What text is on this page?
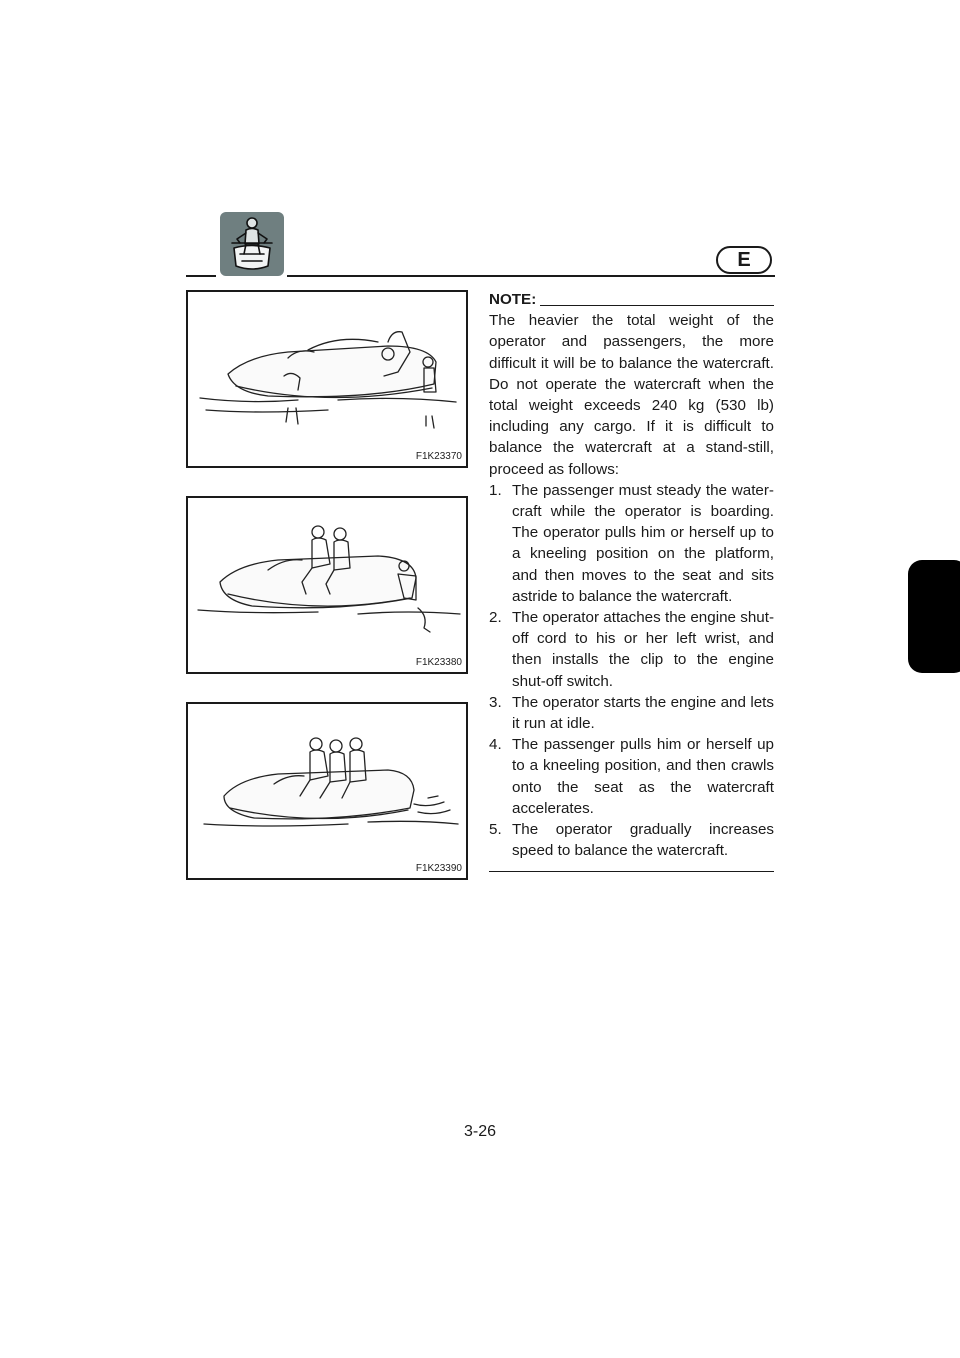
E
F1K23370
F1K23380
F1K23390
NOTE:

The heavier the total weight of the operator and passengers, the more difficult it will be to balance the watercraft. Do not operate the watercraft when the total weight exceeds 240 kg (530 lb) including any cargo. If it is difficult to balance the watercraft at a stand-still, proceed as follows:

1. The passenger must steady the water-craft while the operator is boarding. The operator pulls him or herself up to a kneeling position on the platform, and then moves to the seat and sits astride to balance the watercraft.
2. The operator attaches the engine shut-off cord to his or her left wrist, and then installs the clip to the engine shut-off switch.
3. The operator starts the engine and lets it run at idle.
4. The passenger pulls him or herself up to a kneeling position, and then crawls onto the seat as the watercraft accelerates.
5. The operator gradually increases speed to balance the watercraft.
3-26
